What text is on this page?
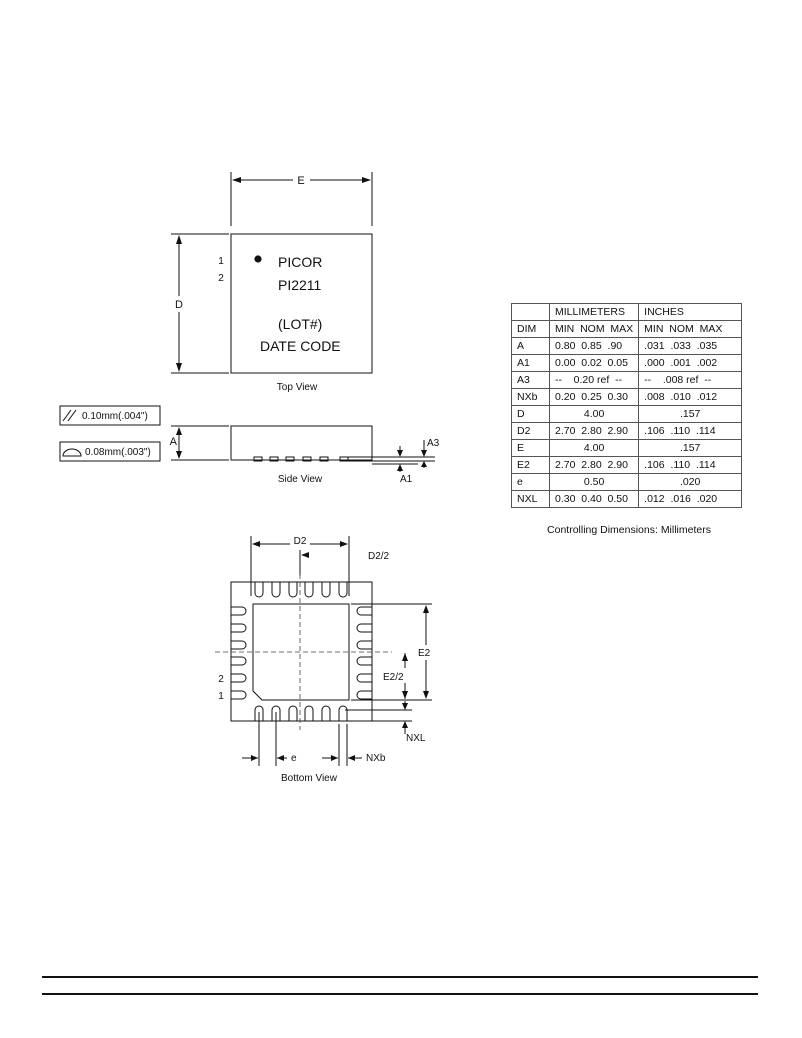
E
D
1
2
PICOR
PI2211
(LOT#)
DATE CODE
Top View
0.10mm(.004")
0.08mm(.003")
A	A3
A1
Side View
D2
D2/2
2
1
E2
E2/2
NXL
e	NXb
Bottom View
	MILLIMETERS	INCHES
DIM	MIN  NOM  MAX	MIN  NOM  MAX
A	0.80  0.85  .90	.031  .033  .035
A1	0.00  0.02  0.05	.000  .001  .002
A3	--    0.20 ref  --	--    .008 ref  --
NXb	0.20  0.25  0.30	.008  .010  .012
D	4.00	.157
D2	2.70  2.80  2.90	.106  .110  .114
E	4.00	.157
E2	2.70  2.80  2.90	.106  .110  .114
e	0.50	.020
NXL	0.30  0.40  0.50	.012  .016  .020
Controlling Dimensions: Millimeters
